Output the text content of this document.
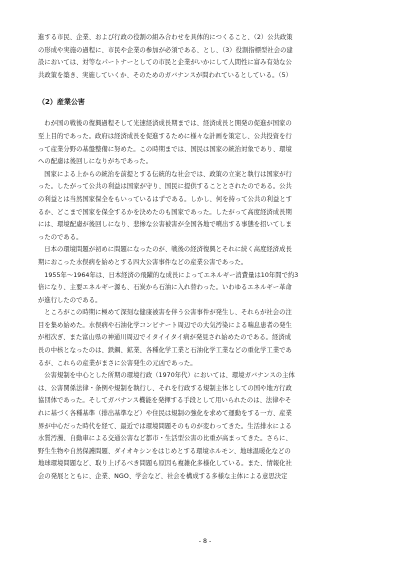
進する市民、企業、および行政の役割の組み合わせを具体的につくること、（2）公共政策

の形成や実施の過程に、市民や企業の参加が必須である、とし、（3）役割指標型社会の建

設においては、対等なパートナーとしての市民と企業がいかにして人間性に富み有効な公

共政策を築き、実施していくか、そのためのガバナンスが問われているとしている。（5）

（2）産業公害

わが国の戦後の復興過程そして光速経済成長期までは、経済成長と開発の促進が国家の

至上目的であった。政府は経済成長を促進するために様々な計画を策定し、公共投資を行

って産業分野の基盤整備に努めた。この時期までは、国民は国家の統治対象であり、環境

への配慮は後回しになりがちであった。

国家による上からの統治を前提とする伝統的な社会では、政策の立案と執行は国家が行

った。したがって公共の利益は国家が守り、国民に提供することとされたのである。公共

の利益とは当然国家保全をもいっているはずである。しかし、何を持って公共の利益とす

るか、どこまで国家を保全するかを決めたのも国家であった。したがって高度経済成長期

には、環境配慮が後回しになり、悲惨な公害被害が全国各地で噴出する事態を招いてしま

ったのである。

日本の環境問題が初めに問題になったのが、戦後の経済復興とそれに続く高度経済成長

期におこった水俣病を始めとする四大公害事件などの産業公害であった。

1955年～1964年は、日本経済の飛躍的な成長によってエネルギー消費量は10年間で約3

倍になり、主要エネルギー源も、石炭から石油に入れ替わった。いわゆるエネルギー革命

が進行したのである。

ところがこの時期に極めて深刻な健康被害を伴う公害事件が発生し、それらが社会の注

目を集め始めた。水俣病や石油化学コンビナート周辺での大気汚染による喘息患者の発生

が相次ぎ、また富山県の神通川周辺でイタイイタイ病が発見され始めたのである。経済成

長の中核となったのは、鉄鋼、鉱業、各種化学工業と石油化学工業などの重化学工業であ

るが、これらの産業がまさに公害発生の元凶であった。

公害規制を中心とした所期の環境行政（1970年代）においては、環境ガバナンスの主体

は、公害関係法律・条例や規制を執行し、それを行政する規制主体としての国や地方行政

協団体であった。そしてガバナンス機能を発揮する手段として用いられたのは、法律やそ

れに基づく各種基準（排出基準など）や住民は規制の強化を求めて運動をする一方、産業

界が中心だった時代を経て、最近では環境問題そのものが変わってきた。生活排水による

水質汚濁、自動車による交通公害など都市・生活型公害の比重が高まってきた。さらに、

野生生物や自然保護問題、ダイオキシンをはじめとする環境ホルモン、地球温暖化などの

地球環境問題など、取り上げるべき問題も原因も複雑化多様化している。また、情報化社

会の発展とともに、企業、NGO、学会など、社会を構成する多様な主体による意思決定

- 8 -
